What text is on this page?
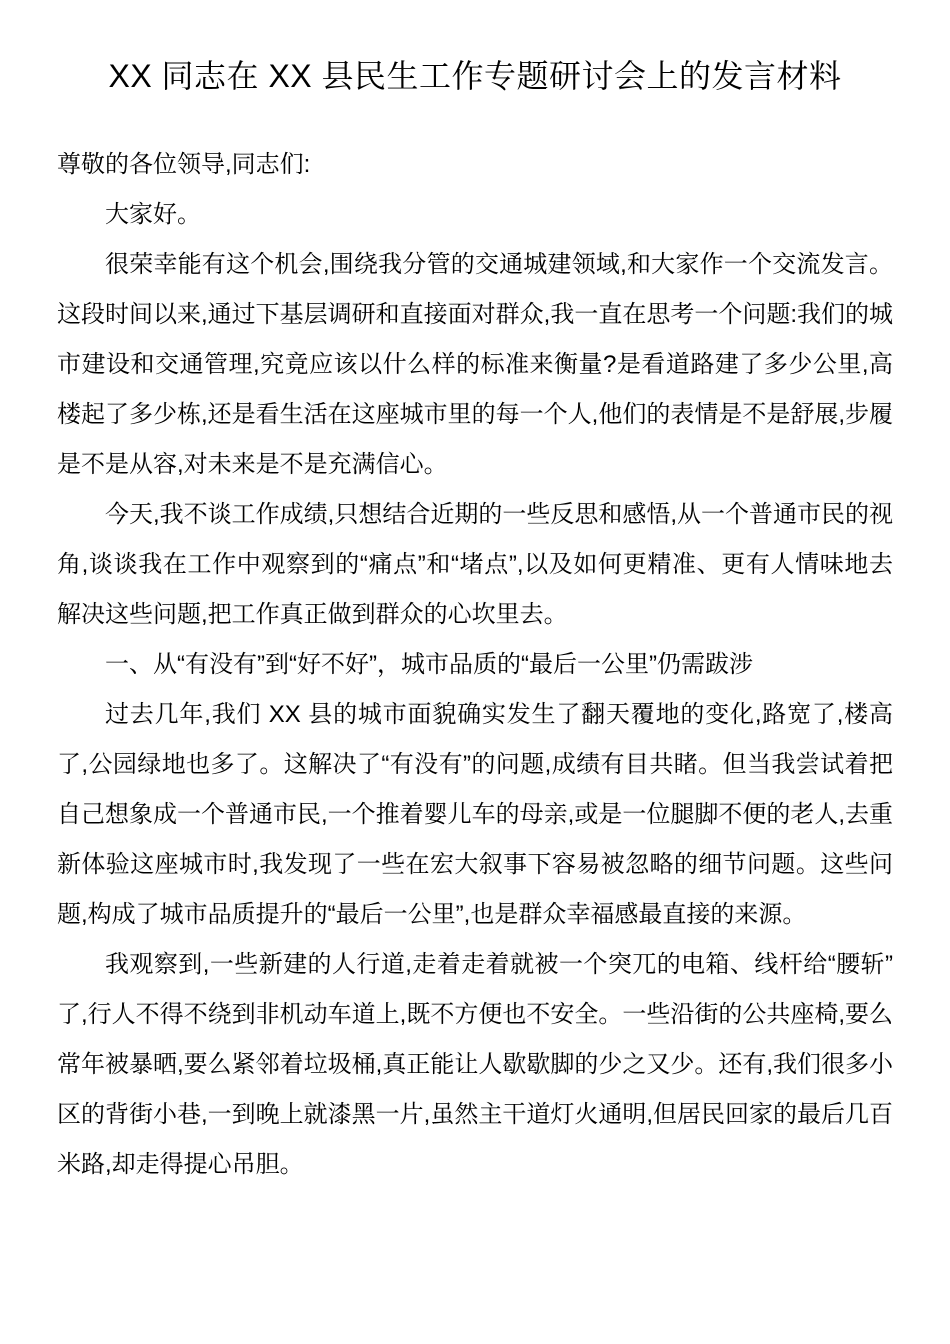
XX 同志在 XX 县民生工作专题研讨会上的发言材料

尊敬的各位领导,同志们:

大家好。

很荣幸能有这个机会,围绕我分管的交通城建领域,和大家作一个交流发言。这段时间以来,通过下基层调研和直接面对群众,我一直在思考一个问题:我们的城市建设和交通管理,究竟应该以什么样的标准来衡量?是看道路建了多少公里,高楼起了多少栋,还是看生活在这座城市里的每一个人,他们的表情是不是舒展,步履是不是从容,对未来是不是充满信心。

今天,我不谈工作成绩,只想结合近期的一些反思和感悟,从一个普通市民的视角,谈谈我在工作中观察到的“痛点”和“堵点”,以及如何更精准、更有人情味地去解决这些问题,把工作真正做到群众的心坎里去。

一、从“有没有”到“好不好”，城市品质的“最后一公里”仍需跋涉

过去几年,我们 XX 县的城市面貌确实发生了翻天覆地的变化,路宽了,楼高了,公园绿地也多了。这解决了“有没有”的问题,成绩有目共睹。但当我尝试着把自己想象成一个普通市民,一个推着婴儿车的母亲,或是一位腿脚不便的老人,去重新体验这座城市时,我发现了一些在宏大叙事下容易被忽略的细节问题。这些问题,构成了城市品质提升的“最后一公里”,也是群众幸福感最直接的来源。

我观察到,一些新建的人行道,走着走着就被一个突兀的电箱、线杆给“腰斩”了,行人不得不绕到非机动车道上,既不方便也不安全。一些沿街的公共座椅,要么常年被暴晒,要么紧邻着垃圾桶,真正能让人歇歇脚的少之又少。还有,我们很多小区的背街小巷,一到晚上就漆黑一片,虽然主干道灯火通明,但居民回家的最后几百米路,却走得提心吊胆。
